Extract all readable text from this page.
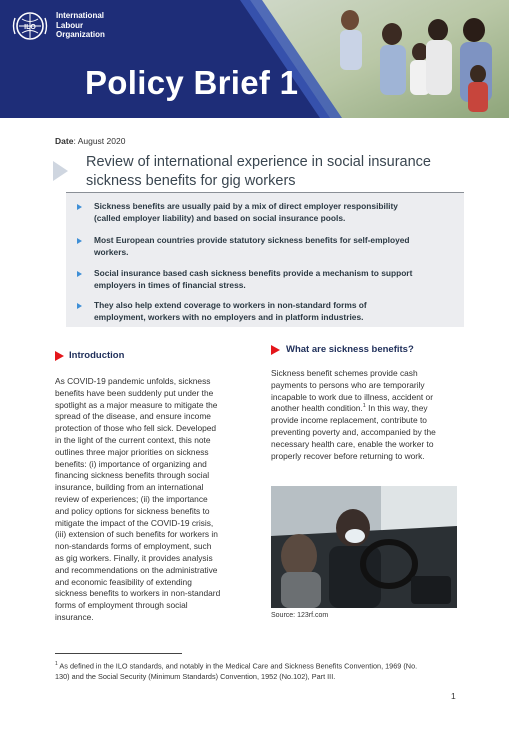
ILO
International
Labour
Organization
Policy Brief 1
Date: August 2020
Review of international experience in social insurance
sickness benefits for gig workers
Sickness benefits are usually paid by a mix of direct employer responsibility
(called employer liability) and based on social insurance pools.
Most European countries provide statutory sickness benefits for self-employed
workers.
Social insurance based cash sickness benefits provide a mechanism to support
employers in times of financial stress.
They also help extend coverage to workers in non-standard forms of
employment, workers with no employers and in platform industries.
Introduction
As COVID-19 pandemic unfolds, sickness
benefits have been suddenly put under the
spotlight as a major measure to mitigate the
spread of the disease, and ensure income
protection of those who fell sick. Developed
in the light of the current context, this note
outlines three major priorities on sickness
benefits: (i) importance of organizing and
financing sickness benefits through social
insurance, building from an international
review of experiences; (ii) the importance
and policy options for sickness benefits to
mitigate the impact of the COVID-19 crisis,
(iii) extension of such benefits for workers in
non-standards forms of employment, such
as gig workers. Finally, it provides analysis
and recommendations on the administrative
and economic feasibility of extending
sickness benefits to workers in non-standard
forms of employment through social
insurance.
What are sickness benefits?
Sickness benefit schemes provide cash
payments to persons who are temporarily
incapable to work due to illness, accident or
another health condition.$^1$ In this way, they
provide income replacement, contribute to
preventing poverty and, accompanied by the
necessary health care, enable the worker to
properly recover before returning to work.
Source: 123rf.com
$^1$ As defined in the ILO standards, and notably in the Medical Care and Sickness Benefits Convention, 1969 (No.
130) and the Social Security (Minimum Standards) Convention, 1952 (No.102), Part III.
1
